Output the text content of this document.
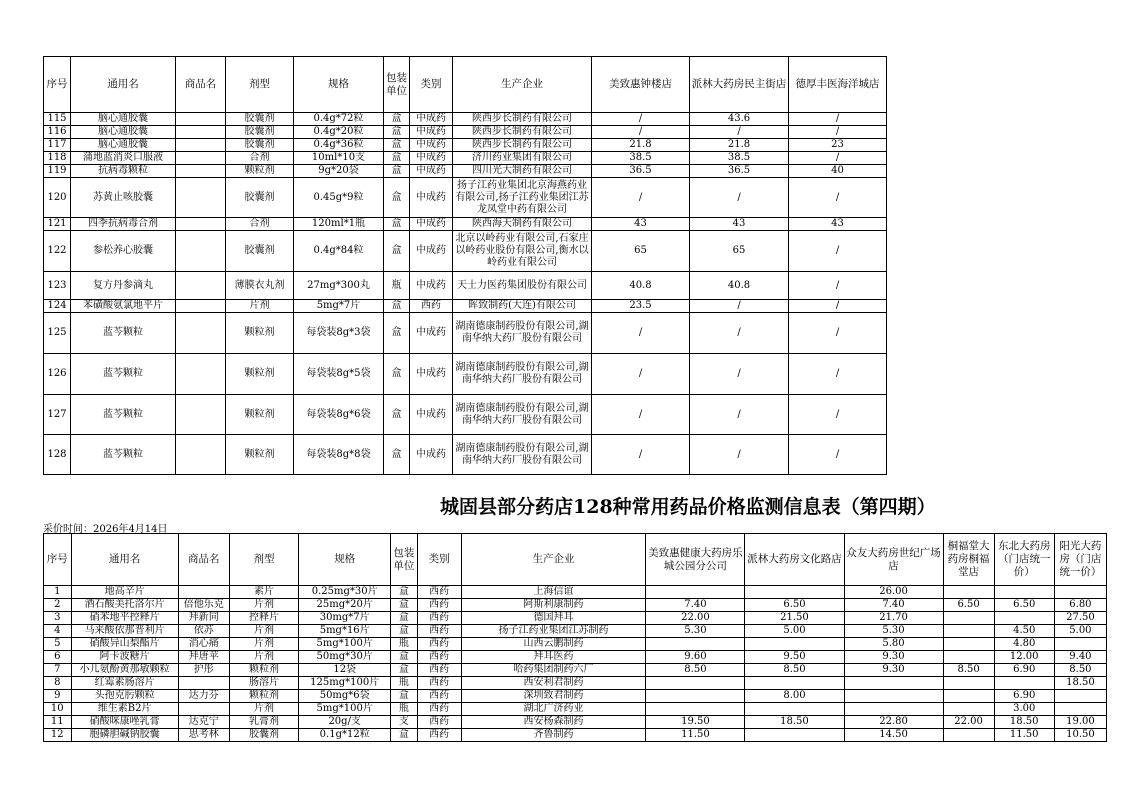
序号	通用名	商品名	剂型	规格	包装单位	类别	生产企业	美致惠钟楼店	派林大药房民主街店	德厚丰医海洋城店
115	脑心通胶囊		胶囊剂	0.4g*72粒	盒	中成药	陕西步长制药有限公司	/	43.6	/
116	脑心通胶囊		胶囊剂	0.4g*20粒	盒	中成药	陕西步长制药有限公司	/	/	/
117	脑心通胶囊		胶囊剂	0.4g*36粒	盒	中成药	陕西步长制药有限公司	21.8	21.8	23
118	蒲地蓝消炎口服液		合剂	10ml*10支	盒	中成药	济川药业集团有限公司	38.5	38.5	/
119	抗病毒颗粒		颗粒剂	9g*20袋	盒	中成药	四川光大制药有限公司	36.5	36.5	40
120	苏黄止咳胶囊		胶囊剂	0.45g*9粒	盒	中成药	扬子江药业集团北京海燕药业有限公司,扬子江药业集团江苏龙凤堂中药有限公司	/	/	/
121	四季抗病毒合剂		合剂	120ml*1瓶	盒	中成药	陕西海天制药有限公司	43	43	43
122	参松养心胶囊		胶囊剂	0.4g*84粒	盒	中成药	北京以岭药业有限公司,石家庄以岭药业股份有限公司,衡水以岭药业有限公司	65	65	/
123	复方丹参滴丸		薄膜衣丸剂	27mg*300丸	瓶	中成药	天士力医药集团股份有限公司	40.8	40.8	/
124	苯磺酸氨氯地平片		片剂	5mg*7片	盒	西药	晖致制药(大连)有限公司	23.5	/	/
125	蓝芩颗粒		颗粒剂	每袋装8g*3袋	盒	中成药	湖南德康制药股份有限公司,湖南华纳大药厂股份有限公司	/	/	/
126	蓝芩颗粒		颗粒剂	每袋装8g*5袋	盒	中成药	湖南德康制药股份有限公司,湖南华纳大药厂股份有限公司	/	/	/
127	蓝芩颗粒		颗粒剂	每袋装8g*6袋	盒	中成药	湖南德康制药股份有限公司,湖南华纳大药厂股份有限公司	/	/	/
128	蓝芩颗粒		颗粒剂	每袋装8g*8袋	盒	中成药	湖南德康制药股份有限公司,湖南华纳大药厂股份有限公司	/	/	/
城固县部分药店128种常用药品价格监测信息表（第四期）
采价时间：2026年4月14日
序号	通用名	商品名	剂型	规格	包装单位	类别	生产企业	美致惠健康大药房乐城公园分公司	派林大药房文化路店	众友大药房世纪广场店	桐福堂大药房桐福堂店	东北大药房（门店统一价）	阳光大药房（门店统一价）
1	地高辛片		素片	0.25mg*30片	盒	西药	上海信谊			26.00			
2	酒石酸美托洛尔片	倍他乐克	片剂	25mg*20片	盒	西药	阿斯利康制药	7.40	6.50	7.40	6.50	6.50	6.80
3	硝苯地平控释片	拜新同	控释片	30mg*7片	盒	西药	德国拜耳	22.00	21.50	21.70			27.50
4	马来酸依那普利片	依苏	片剂	5mg*16片	盒	西药	扬子江药业集团江苏制药	5.30	5.00	5.30		4.50	5.00
5	硝酸异山梨酯片	消心痛	片剂	5mg*100片	瓶	西药	山西云鹏制药			5.80		4.80	
6	阿卡波糖片	拜唐苹	片剂	50mg*30片	盒	西药	拜耳医药	9.60	9.50	9.30		12.00	9.40
7	小儿氨酚黄那敏颗粒	护彤	颗粒剂	12袋	盒	西药	哈药集团制药六厂	8.50	8.50	9.30	8.50	6.90	8.50
8	红霉素肠溶片		肠溶片	125mg*100片	瓶	西药	西安利君制药						18.50
9	头孢克肟颗粒	达力芬	颗粒剂	50mg*6袋	盒	西药	深圳致君制药		8.00			6.90	
10	维生素B2片		片剂	5mg*100片	瓶	西药	湖北广济药业					3.00	
11	硝酸咪康唑乳膏	达克宁	乳膏剂	20g/支	支	西药	西安杨森制药	19.50	18.50	22.80	22.00	18.50	19.00
12	胞磷胆碱钠胶囊	思考林	胶囊剂	0.1g*12粒	盒	西药	齐鲁制药	11.50		14.50		11.50	10.50
